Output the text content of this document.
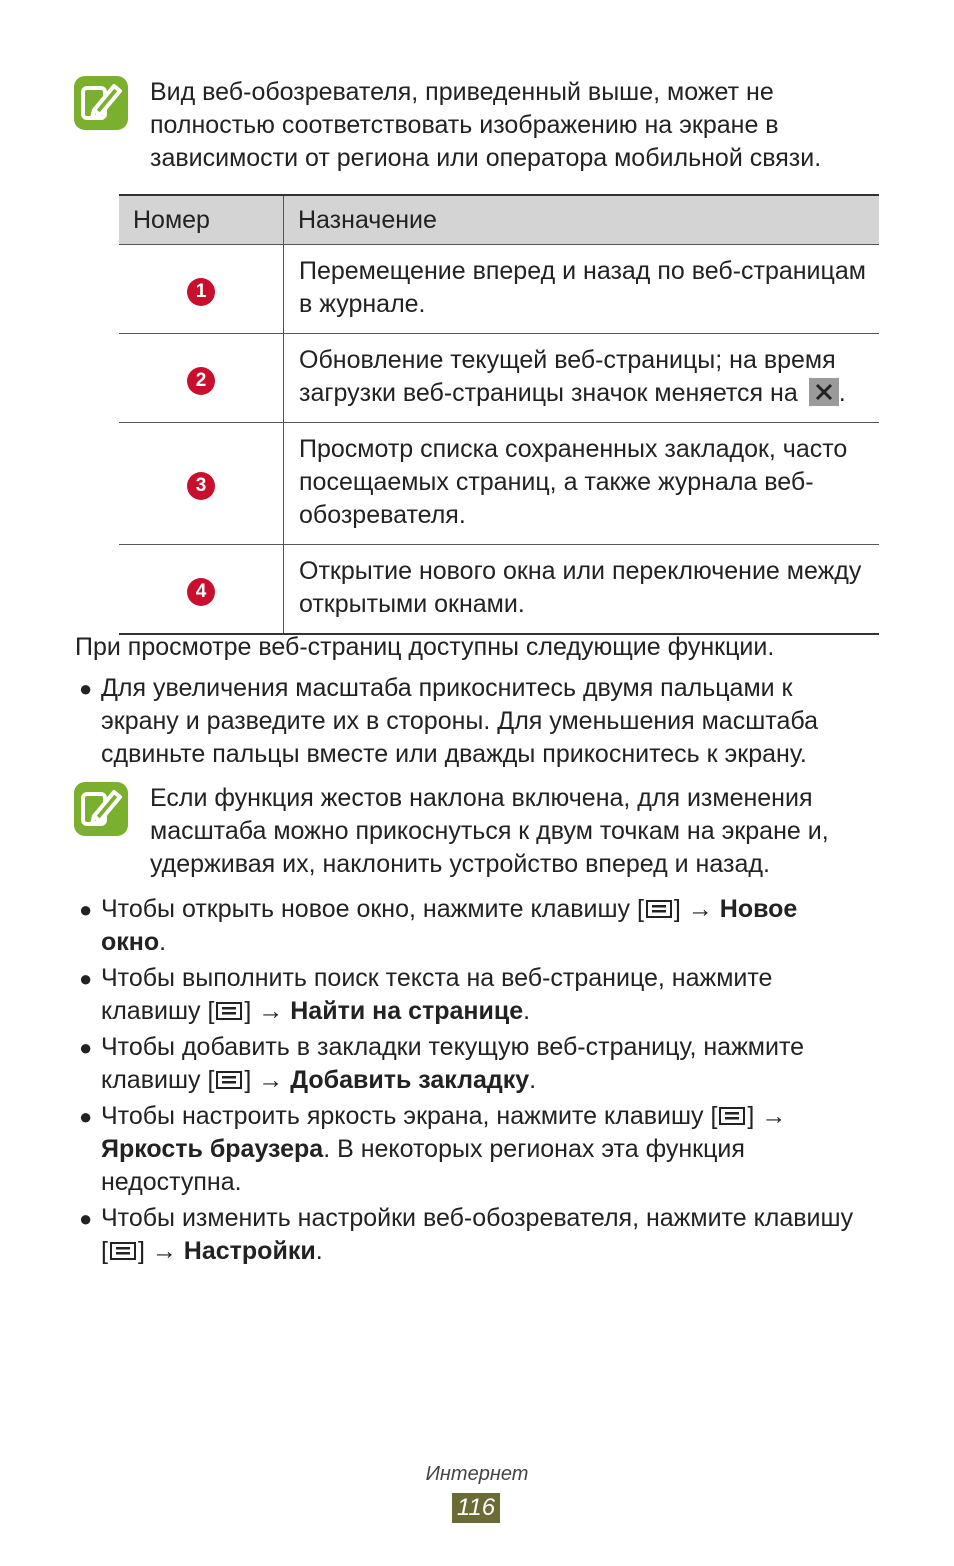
Вид веб-обозревателя, приведенный выше, может не полностью соответствовать изображению на экране в зависимости от региона или оператора мобильной связи.
Номер	Назначение
1	Перемещение вперед и назад по веб-страницам в журнале.
2	Обновление текущей веб-страницы; на время загрузки веб-страницы значок меняется на .
3	Просмотр списка сохраненных закладок, часто посещаемых страниц, а также журнала веб-обозревателя.
4	Открытие нового окна или переключение между открытыми окнами.
При просмотре веб-страниц доступны следующие функции.
● Для увеличения масштаба прикоснитесь двумя пальцами к экрану и разведите их в стороны. Для уменьшения масштаба сдвиньте пальцы вместе или дважды прикоснитесь к экрану.
Если функция жестов наклона включена, для изменения масштаба можно прикоснуться к двум точкам на экране и, удерживая их, наклонить устройство вперед и назад.
● Чтобы открыть новое окно, нажмите клавишу [ ] → Новое окно.
● Чтобы выполнить поиск текста на веб-странице, нажмите клавишу [ ] → Найти на странице.
● Чтобы добавить в закладки текущую веб-страницу, нажмите клавишу [ ] → Добавить закладку.
● Чтобы настроить яркость экрана, нажмите клавишу [ ] → Яркость браузера. В некоторых регионах эта функция недоступна.
● Чтобы изменить настройки веб-обозревателя, нажмите клавишу [ ] → Настройки.
Интернет
116
